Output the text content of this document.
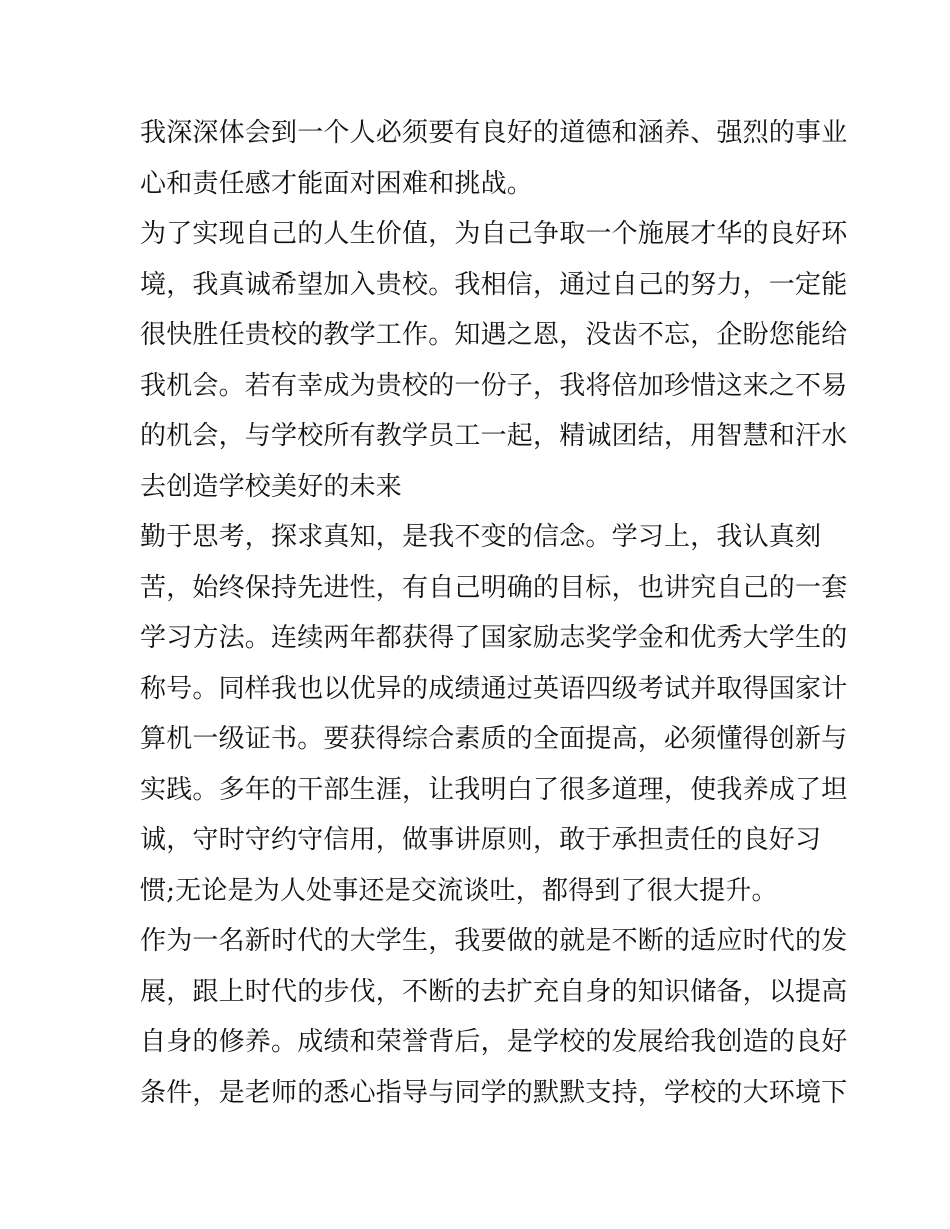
我深深体会到一个人必须要有良好的道德和涵养、强烈的事业
心和责任感才能面对困难和挑战。
为了实现自己的人生价值，为自己争取一个施展才华的良好环
境，我真诚希望加入贵校。我相信，通过自己的努力，一定能
很快胜任贵校的教学工作。知遇之恩，没齿不忘，企盼您能给
我机会。若有幸成为贵校的一份子，我将倍加珍惜这来之不易
的机会，与学校所有教学员工一起，精诚团结，用智慧和汗水
去创造学校美好的未来
勤于思考，探求真知，是我不变的信念。学习上，我认真刻
苦，始终保持先进性，有自己明确的目标，也讲究自己的一套
学习方法。连续两年都获得了国家励志奖学金和优秀大学生的
称号。同样我也以优异的成绩通过英语四级考试并取得国家计
算机一级证书。要获得综合素质的全面提高，必须懂得创新与
实践。多年的干部生涯，让我明白了很多道理，使我养成了坦
诚，守时守约守信用，做事讲原则，敢于承担责任的良好习
惯;无论是为人处事还是交流谈吐，都得到了很大提升。
作为一名新时代的大学生，我要做的就是不断的适应时代的发
展，跟上时代的步伐，不断的去扩充自身的知识储备，以提高
自身的修养。成绩和荣誉背后，是学校的发展给我创造的良好
条件，是老师的悉心指导与同学的默默支持，学校的大环境下
